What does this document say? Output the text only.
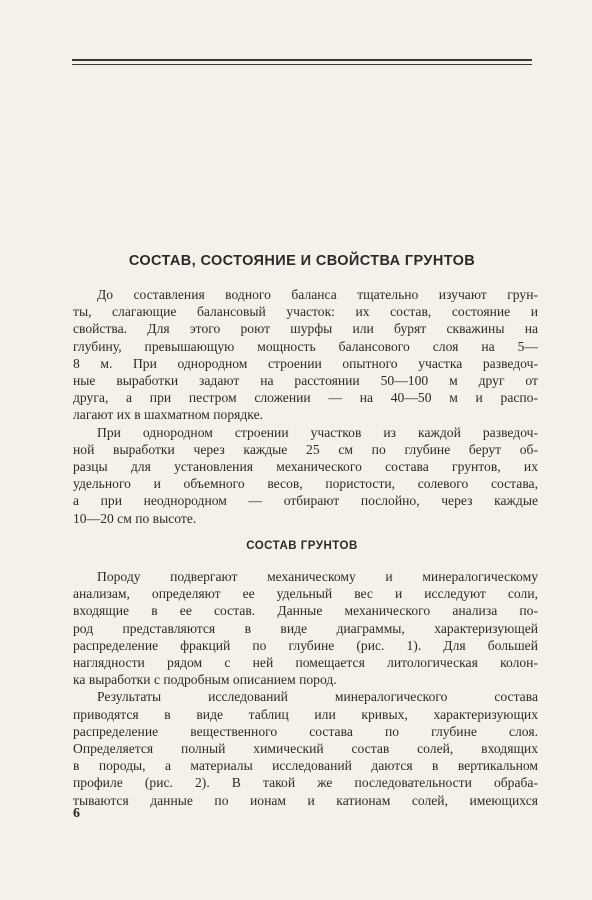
СОСТАВ, СОСТОЯНИЕ И СВОЙСТВА ГРУНТОВ

До составления водного баланса тщательно изучают грун-
ты, слагающие балансовый участок: их состав, состояние и
свойства. Для этого роют шурфы или бурят скважины на
глубину, превышающую мощность балансового слоя на 5—
8 м. При однородном строении опытного участка разведоч-
ные выработки задают на расстоянии 50—100 м друг от
друга, а при пестром сложении — на 40—50 м и распо-
лагают их в шахматном порядке.

При однородном строении участков из каждой разведоч-
ной выработки через каждые 25 см по глубине берут об-
разцы для установления механического состава грунтов, их
удельного и объемного весов, пористости, солевого состава,
а при неоднородном — отбирают послойно, через каждые
10—20 см по высоте.

СОСТАВ ГРУНТОВ

Породу подвергают механическому и минералогическому
анализам, определяют ее удельный вес и исследуют соли,
входящие в ее состав. Данные механического анализа по-
род представляются в виде диаграммы, характеризующей
распределение фракций по глубине (рис. 1). Для большей
наглядности рядом с ней помещается литологическая колон-
ка выработки с подробным описанием пород.

Результаты исследований минералогического состава
приводятся в виде таблиц или кривых, характеризующих
распределение вещественного состава по глубине слоя.
Определяется полный химический состав солей, входящих
в породы, а материалы исследований даются в вертикальном
профиле (рис. 2). В такой же последовательности обраба-
тываются данные по ионам и катионам солей, имеющихся

6
